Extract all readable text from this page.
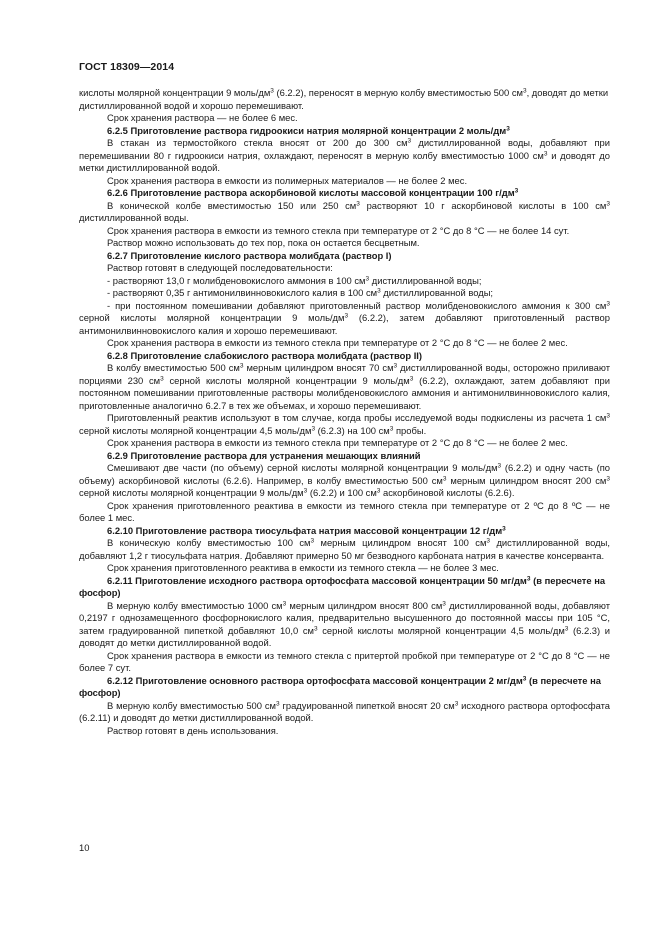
ГОСТ 18309—2014

кислоты молярной концентрации 9 моль/$дм^3$ (6.2.2), переносят в мерную колбу вместимостью 500 $см^3$, доводят до метки дистиллированной водой и хорошо перемешивают.

Срок хранения раствора — не более 6 мес.

6.2.5 Приготовление раствора гидроокиси натрия молярной концентрации 2 моль/$дм^3$

В стакан из термостойкого стекла вносят от 200 до 300 $см^3$ дистиллированной воды, добавляют при перемешивании 80 г гидроокиси натрия, охлаждают, переносят в мерную колбу вместимостью 1000 $см^3$ и доводят до метки дистиллированной водой.

Срок хранения раствора в емкости из полимерных материалов — не более 2 мес.

6.2.6 Приготовление раствора аскорбиновой кислоты массовой концентрации 100 $г/дм^3$

В конической колбе вместимостью 150 или 250 $см^3$ растворяют 10 г аскорбиновой кислоты в 100 $см^3$ дистиллированной воды.

Срок хранения раствора в емкости из темного стекла при температуре от 2 °С до 8 °С — не более 14 сут.

Раствор можно использовать до тех пор, пока он остается бесцветным.

6.2.7 Приготовление кислого раствора молибдата (раствор I)

Раствор готовят в следующей последовательности:

- растворяют 13,0 г молибденовокислого аммония в 100 $см^3$ дистиллированной воды;

- растворяют 0,35 г антимонилвинновокислого калия в 100 $см^3$ дистиллированной воды;

- при постоянном помешивании добавляют приготовленный раствор молибденовокислого аммония к 300 $см^3$ серной кислоты молярной концентрации 9 моль/$дм^3$ (6.2.2), затем добавляют приготовленный раствор антимонилвинновокислого калия и хорошо перемешивают.

Срок хранения раствора в емкости из темного стекла при температуре от 2 °С до 8 °С — не более 2 мес.

6.2.8 Приготовление слабокислого раствора молибдата (раствор II)

В колбу вместимостью 500 $см^3$ мерным цилиндром вносят 70 $см^3$ дистиллированной воды, осторожно приливают порциями 230 $см^3$ серной кислоты молярной концентрации 9 моль/$дм^3$ (6.2.2), охлаждают, затем добавляют при постоянном помешивании приготовленные растворы молибденовокислого аммония и антимонилвинновокислого калия, приготовленные аналогично 6.2.7 в тех же объемах, и хорошо перемешивают.

Приготовленный реактив используют в том случае, когда пробы исследуемой воды подкислены из расчета 1 $см^3$ серной кислоты молярной концентрации 4,5 моль/$дм^3$ (6.2.3) на 100 $см^3$ пробы.

Срок хранения раствора в емкости из темного стекла при температуре от 2 °С до 8 °С — не более 2 мес.

6.2.9 Приготовление раствора для устранения мешающих влияний

Смешивают две части (по объему) серной кислоты молярной концентрации 9 моль/$дм^3$ (6.2.2) и одну часть (по объему) аскорбиновой кислоты (6.2.6). Например, в колбу вместимостью 500 $см^3$ мерным цилиндром вносят 200 $см^3$ серной кислоты молярной концентрации 9 моль/$дм^3$ (6.2.2) и 100 $см^3$ аскорбиновой кислоты (6.2.6).

Срок хранения приготовленного реактива в емкости из темного стекла при температуре от 2 ºС до 8 ºС — не более 1 мес.

6.2.10 Приготовление раствора тиосульфата натрия массовой концентрации 12 $г/дм^3$

В коническую колбу вместимостью 100 $см^3$ мерным цилиндром вносят 100 $см^3$ дистиллированной воды, добавляют 1,2 г тиосульфата натрия. Добавляют примерно 50 мг безводного карбоната натрия в качестве консерванта.

Срок хранения приготовленного реактива в емкости из темного стекла — не более 3 мес.

6.2.11 Приготовление исходного раствора ортофосфата массовой концентрации 50 $мг/дм^3$ (в пересчете на фосфор)

В мерную колбу вместимостью 1000 $см^3$ мерным цилиндром вносят 800 $см^3$ дистиллированной воды, добавляют 0,2197 г однозамещенного фосфорнокислого калия, предварительно высушенного до постоянной массы при 105 °С, затем градуированной пипеткой добавляют 10,0 $см^3$ серной кислоты молярной концентрации 4,5 моль/$дм^3$ (6.2.3) и доводят до метки дистиллированной водой.

Срок хранения раствора в емкости из темного стекла с притертой пробкой при температуре от 2 °С до 8 °С — не более 7 сут.

6.2.12 Приготовление основного раствора ортофосфата массовой концентрации 2 $мг/дм^3$ (в пересчете на фосфор)

В мерную колбу вместимостью 500 $см^3$ градуированной пипеткой вносят 20 $см^3$ исходного раствора ортофосфата (6.2.11) и доводят до метки дистиллированной водой.

Раствор готовят в день использования.

10
